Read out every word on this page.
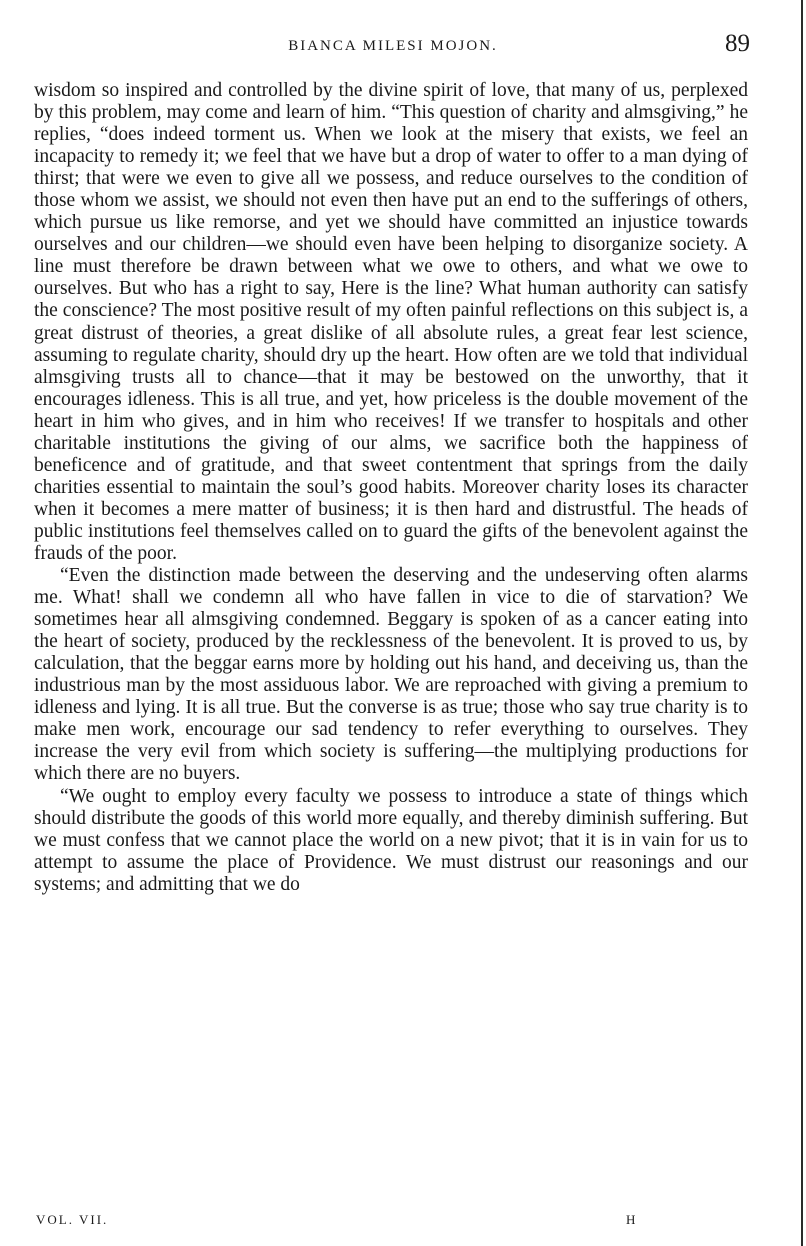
BIANCA MILESI MOJON.	89

wisdom so inspired and controlled by the divine spirit of love, that many of us, perplexed by this problem, may come and learn of him. “This question of charity and almsgiving,” he replies, “does indeed torment us. When we look at the misery that exists, we feel an incapacity to remedy it; we feel that we have but a drop of water to offer to a man dying of thirst; that were we even to give all we possess, and reduce ourselves to the condition of those whom we assist, we should not even then have put an end to the sufferings of others, which pursue us like remorse, and yet we should have committed an injustice towards ourselves and our children—we should even have been helping to disorganize society. A line must therefore be drawn between what we owe to others, and what we owe to ourselves. But who has a right to say, Here is the line? What human authority can satisfy the conscience? The most positive result of my often painful reflections on this subject is, a great distrust of theories, a great dislike of all absolute rules, a great fear lest science, assuming to regulate charity, should dry up the heart. How often are we told that individual almsgiving trusts all to chance—that it may be bestowed on the unworthy, that it encourages idleness. This is all true, and yet, how priceless is the double movement of the heart in him who gives, and in him who receives! If we transfer to hospitals and other charitable institutions the giving of our alms, we sacrifice both the happiness of beneficence and of gratitude, and that sweet contentment that springs from the daily charities essential to maintain the soul’s good habits. Moreover charity loses its character when it becomes a mere matter of business; it is then hard and distrustful. The heads of public institutions feel themselves called on to guard the gifts of the benevolent against the frauds of the poor.

“Even the distinction made between the deserving and the undeserving often alarms me. What! shall we condemn all who have fallen in vice to die of starvation? We sometimes hear all almsgiving condemned. Beggary is spoken of as a cancer eating into the heart of society, produced by the recklessness of the benevolent. It is proved to us, by calculation, that the beggar earns more by holding out his hand, and deceiving us, than the industrious man by the most assiduous labor. We are reproached with giving a premium to idleness and lying. It is all true. But the converse is as true; those who say true charity is to make men work, encourage our sad tendency to refer everything to ourselves. They increase the very evil from which society is suffering—the multiplying productions for which there are no buyers.

“We ought to employ every faculty we possess to introduce a state of things which should distribute the goods of this world more equally, and thereby diminish suffering. But we must confess that we cannot place the world on a new pivot; that it is in vain for us to attempt to assume the place of Providence. We must distrust our reasonings and our systems; and admitting that we do

VOL. VII.	H
